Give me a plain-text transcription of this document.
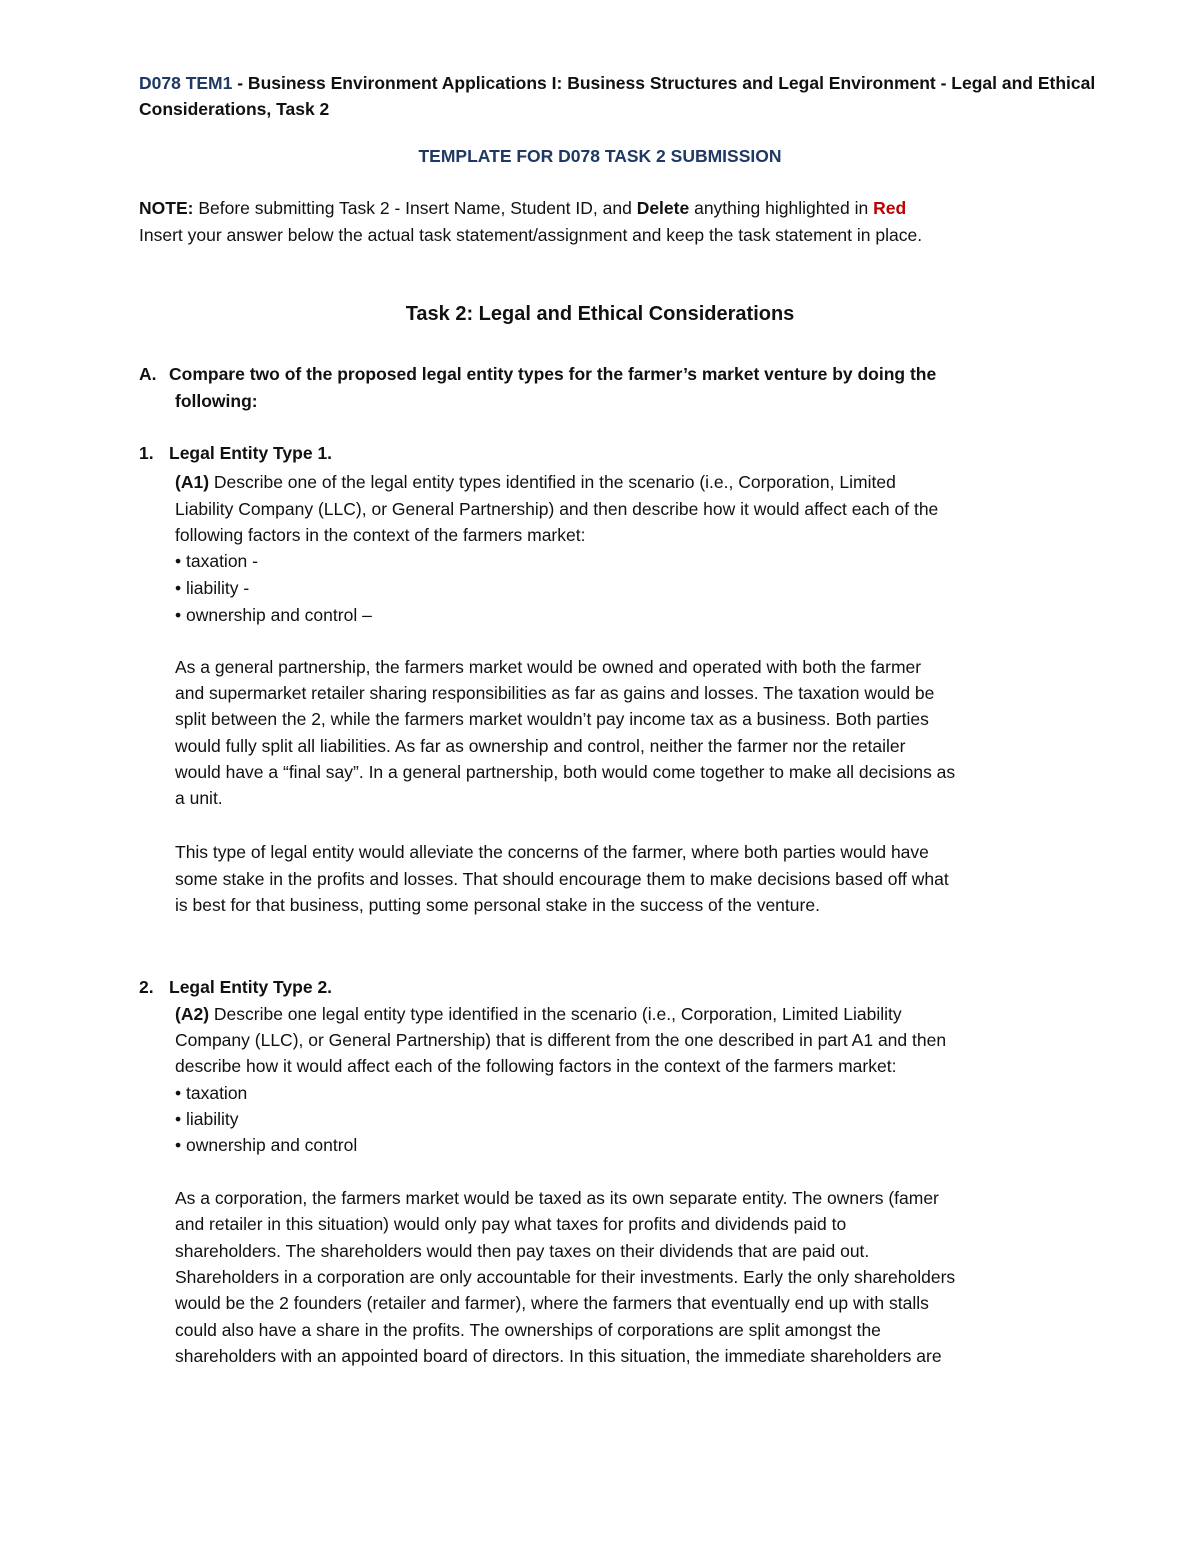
D078 TEM1 - Business Environment Applications I: Business Structures and Legal Environment - Legal and Ethical
Considerations, Task 2
TEMPLATE FOR D078 TASK 2 SUBMISSION
NOTE: Before submitting Task 2 - Insert Name, Student ID, and Delete anything highlighted in Red
Insert your answer below the actual task statement/assignment and keep the task statement in place.
Task 2: Legal and Ethical Considerations
A. Compare two of the proposed legal entity types for the farmer’s market venture by doing the
following:
1. Legal Entity Type 1.
(A1) Describe one of the legal entity types identified in the scenario (i.e., Corporation, Limited
Liability Company (LLC), or General Partnership) and then describe how it would affect each of the
following factors in the context of the farmers market:
• taxation -
• liability -
• ownership and control –
As a general partnership, the farmers market would be owned and operated with both the farmer
and supermarket retailer sharing responsibilities as far as gains and losses. The taxation would be
split between the 2, while the farmers market wouldn’t pay income tax as a business. Both parties
would fully split all liabilities. As far as ownership and control, neither the farmer nor the retailer
would have a “final say”. In a general partnership, both would come together to make all decisions as
a unit.
This type of legal entity would alleviate the concerns of the farmer, where both parties would have
some stake in the profits and losses. That should encourage them to make decisions based off what
is best for that business, putting some personal stake in the success of the venture.
2. Legal Entity Type 2.
(A2) Describe one legal entity type identified in the scenario (i.e., Corporation, Limited Liability
Company (LLC), or General Partnership) that is different from the one described in part A1 and then
describe how it would affect each of the following factors in the context of the farmers market:
• taxation
• liability
• ownership and control
As a corporation, the farmers market would be taxed as its own separate entity. The owners (famer
and retailer in this situation) would only pay what taxes for profits and dividends paid to
shareholders. The shareholders would then pay taxes on their dividends that are paid out.
Shareholders in a corporation are only accountable for their investments. Early the only shareholders
would be the 2 founders (retailer and farmer), where the farmers that eventually end up with stalls
could also have a share in the profits. The ownerships of corporations are split amongst the
shareholders with an appointed board of directors. In this situation, the immediate shareholders are
